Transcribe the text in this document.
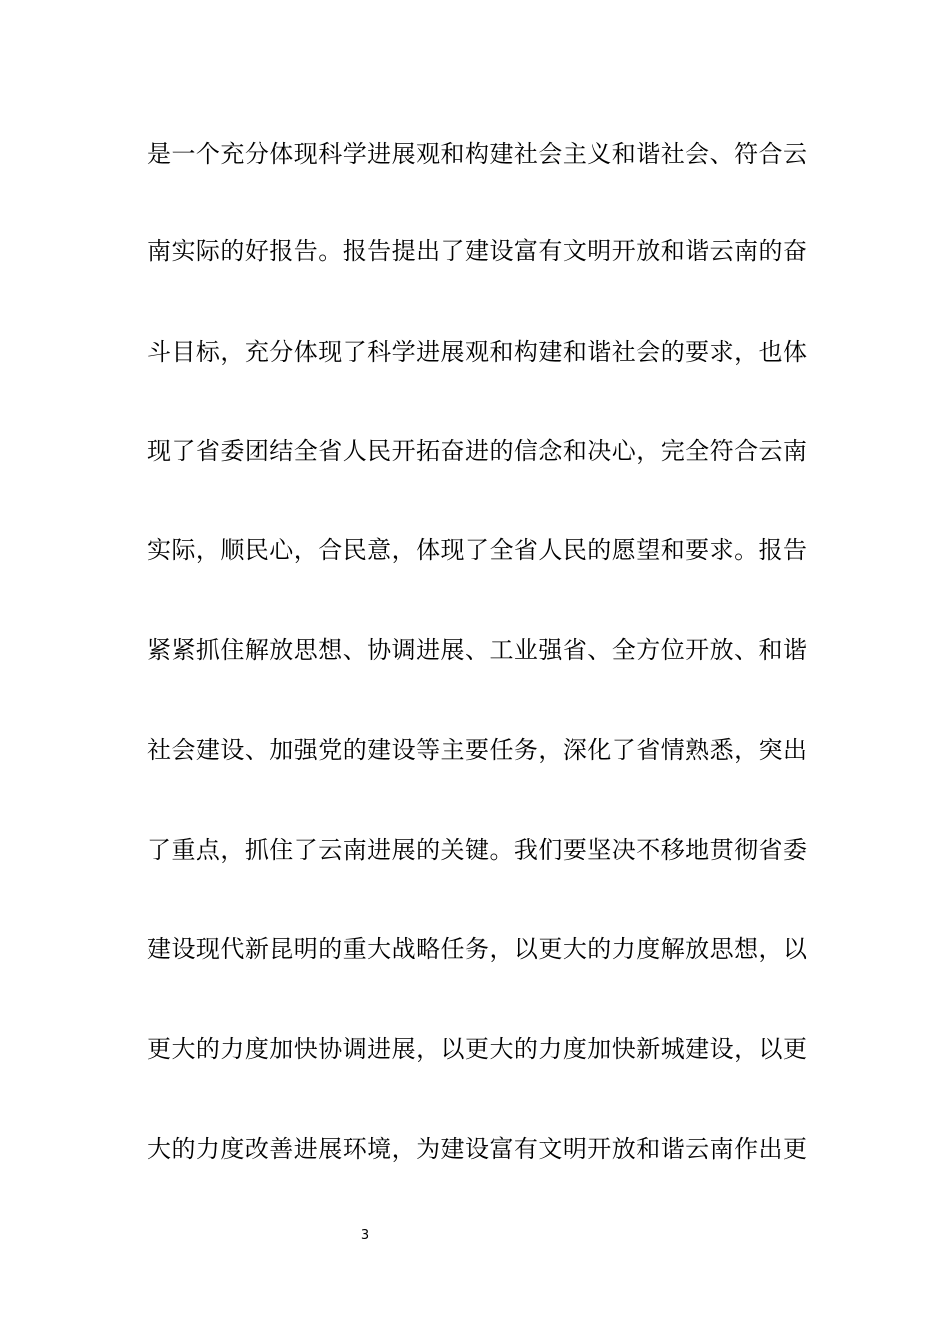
是一个充分体现科学进展观和构建社会主义和谐社会、符合云
南实际的好报告。报告提出了建设富有文明开放和谐云南的奋
斗目标，充分体现了科学进展观和构建和谐社会的要求，也体
现了省委团结全省人民开拓奋进的信念和决心，完全符合云南
实际，顺民心，合民意，体现了全省人民的愿望和要求。报告
紧紧抓住解放思想、协调进展、工业强省、全方位开放、和谐
社会建设、加强党的建设等主要任务，深化了省情熟悉，突出
了重点，抓住了云南进展的关键。我们要坚决不移地贯彻省委
建设现代新昆明的重大战略任务，以更大的力度解放思想，以
更大的力度加快协调进展，以更大的力度加快新城建设，以更
大的力度改善进展环境，为建设富有文明开放和谐云南作出更
3
